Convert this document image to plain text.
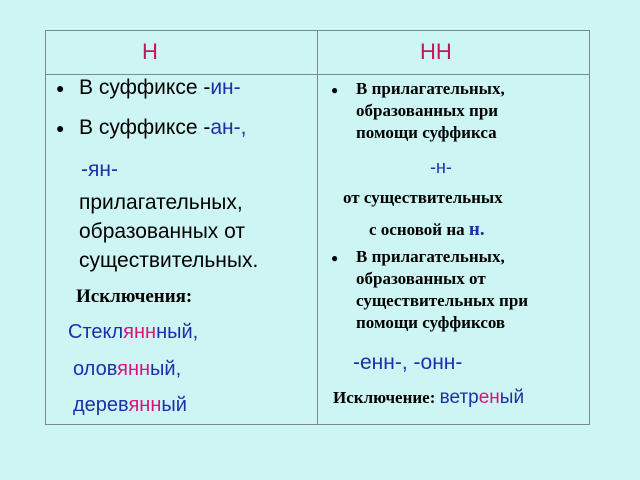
Н	НН
● В суффиксе -ин-
● В суффиксе -ан-,
-ян-
прилагательных,
образованных от
существительных.
Исключения:
Стекляннный,
оловянный,
деревянный
● В прилагательных,
образованных при
помощи суффикса
-н-
от существительных
с основой на н.
● В прилагательных,
образованных от
существительных при
помощи суффиксов
-енн-, -онн-
Исключение: ветреный
